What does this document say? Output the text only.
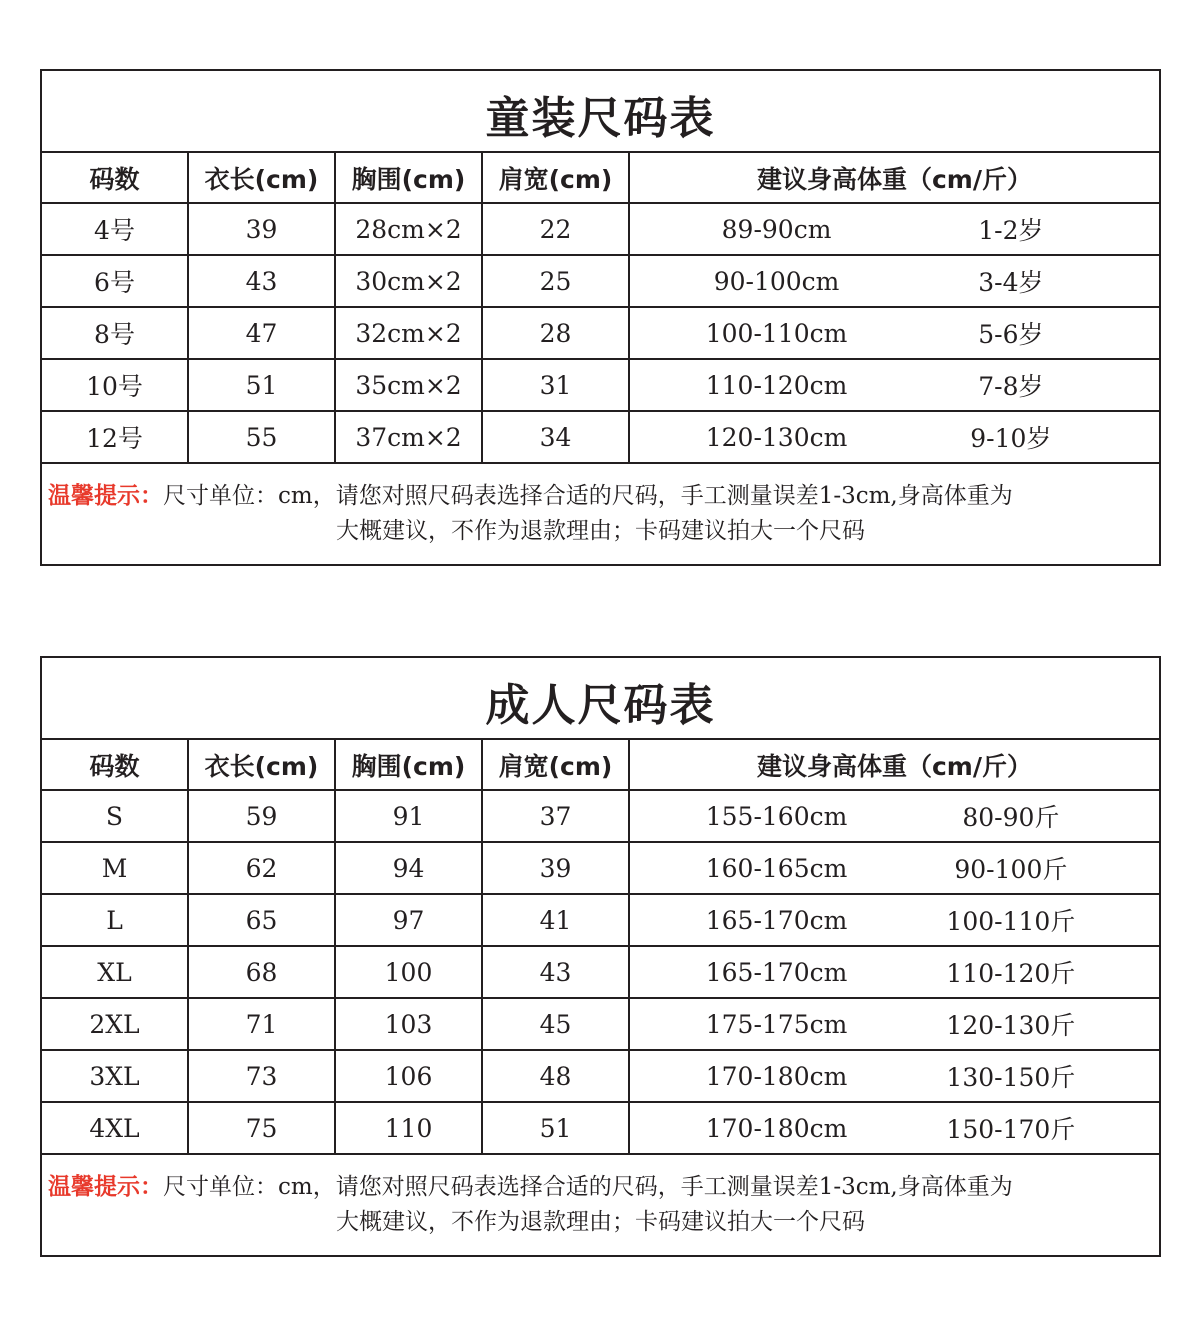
童装尺码表				
码数	衣长(cm)	胸围(cm)	肩宽(cm)	建议身高体重（cm/斤）
4号	39	28cm×2	22	89-90cm 1-2岁

6号	43	30cm×2	25	90-100cm 3-4岁

8号	47	32cm×2	28	100-110cm 5-6岁

10号	51	35cm×2	31	110-120cm 7-8岁

12号	55	37cm×2	34	120-130cm 9-10岁

温馨提示：尺寸单位：cm，请您对照尺码表选择合适的尺码，手工测量误差1-3cm,身高体重为
大概建议，不作为退款理由；卡码建议拍大一个尺码				
成人尺码表				
码数	衣长(cm)	胸围(cm)	肩宽(cm)	建议身高体重（cm/斤）
S	59	91	37	155-160cm 80-90斤

M	62	94	39	160-165cm 90-100斤

L	65	97	41	165-170cm 100-110斤

XL	68	100	43	165-170cm 110-120斤

2XL	71	103	45	175-175cm 120-130斤

3XL	73	106	48	170-180cm 130-150斤

4XL	75	110	51	170-180cm 150-170斤

温馨提示：尺寸单位：cm，请您对照尺码表选择合适的尺码，手工测量误差1-3cm,身高体重为
大概建议，不作为退款理由；卡码建议拍大一个尺码				
